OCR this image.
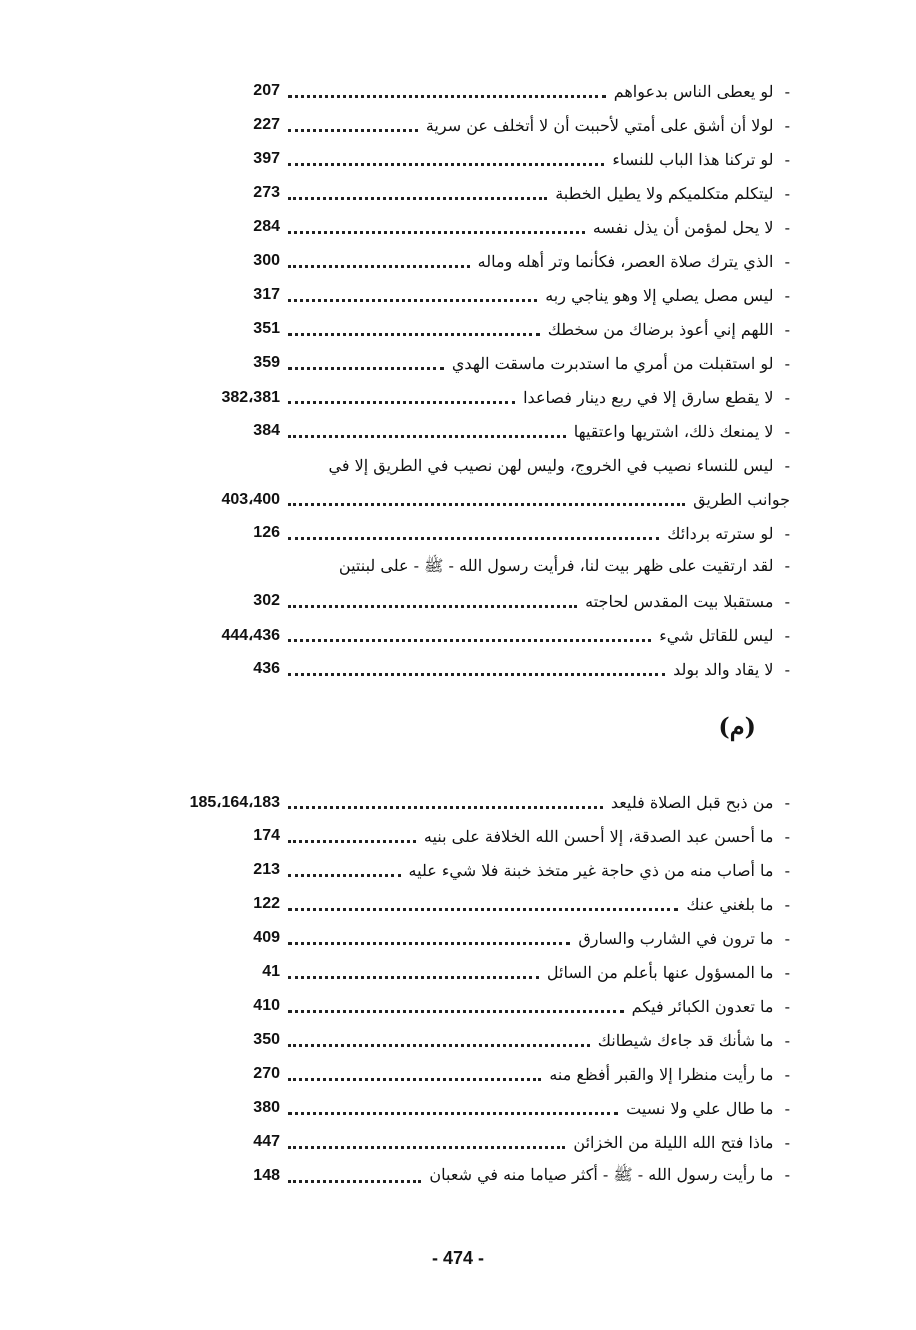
207	- لو يعطى الناس بدعواهم
227	- لولا أن أشق على أمتي لأحببت أن لا أتخلف عن سرية
397	- لو تركنا هذا الباب للنساء
273	- ليتكلم متكلميكم ولا يطيل الخطبة
284	- لا يحل لمؤمن أن يذل نفسه
300	- الذي يترك صلاة العصر، فكأنما وتر أهله وماله
317	- ليس مصل يصلي إلا وهو يناجي ربه
351	- اللهم إني أعوذ برضاك من سخطك
359	- لو استقبلت من أمري ما استدبرت ماسقت الهدي
382،381	- لا يقطع سارق إلا في ربع دينار فصاعدا
384	- لا يمنعك ذلك، اشتريها واعتقيها
- ليس للنساء نصيب في الخروج، وليس لهن نصيب في الطريق إلا في
403،400	جوانب الطريق
126	- لو سترته بردائك
- لقد ارتقيت على ظهر بيت لنا، فرأيت رسول الله - ﷺ - على لبنتين
302	- مستقبلا بيت المقدس لحاجته
444،436	- ليس للقاتل شيء
436	- لا يقاد والد بولد
(م)
185،164،183	- من ذبح قبل الصلاة فليعد
174	- ما أحسن عبد الصدقة، إلا أحسن الله الخلافة على بنيه
213	- ما أصاب منه من ذي حاجة غير متخذ خبنة فلا شيء عليه
122	- ما بلغني عنك
409	- ما ترون في الشارب والسارق
41	- ما المسؤول عنها بأعلم من السائل
410	- ما تعدون الكبائر فيكم
350	- ما شأنك قد جاءك شيطانك
270	- ما رأيت منظرا إلا والقبر أفظع منه
380	- ما طال علي ولا نسيت
447	- ماذا فتح الله الليلة من الخزائن
148	- ما رأيت رسول الله - ﷺ - أكثر صياما منه في شعبان
- 474 -
